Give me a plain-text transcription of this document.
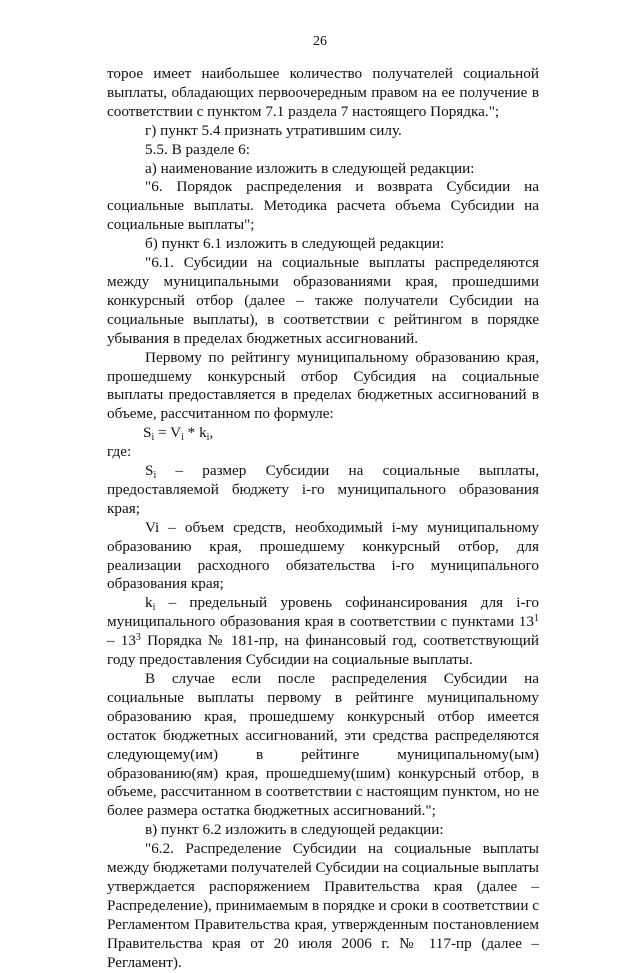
26

торое имеет наибольшее количество получателей социальной выплаты, обладающих первоочередным правом на ее получение в соответствии с пунктом 7.1 раздела 7 настоящего Порядка.";

г) пункт 5.4 признать утратившим силу.

5.5. В разделе 6:

а) наименование изложить в следующей редакции:

"6. Порядок распределения и возврата Субсидии на социальные выплаты. Методика расчета объема Субсидии на социальные выплаты";

б) пункт 6.1 изложить в следующей редакции:

"6.1. Субсидии на социальные выплаты распределяются между муниципальными образованиями края, прошедшими конкурсный отбор (далее – также получатели Субсидии на социальные выплаты), в соответствии с рейтингом в порядке убывания в пределах бюджетных ассигнований.

Первому по рейтингу муниципальному образованию края, прошедшему конкурсный отбор Субсидия на социальные выплаты предоставляется в пределах бюджетных ассигнований в объеме, рассчитанном по формуле:

$S_i = V_i * k_i$,

где:

$S_i$ – размер Субсидии на социальные выплаты, предоставляемой бюджету i-го муниципального образования края;

Vi – объем средств, необходимый i-му муниципальному образованию края, прошедшему конкурсный отбор, для реализации расходного обязательства i-го муниципального образования края;

$k_i$ – предельный уровень софинансирования для i-го муниципального образования края в соответствии с пунктами $13^1 - 13^3$ Порядка № 181-пр, на финансовый год, соответствующий году предоставления Субсидии на социальные выплаты.

В случае если после распределения Субсидии на социальные выплаты первому в рейтинге муниципальному образованию края, прошедшему конкурсный отбор имеется остаток бюджетных ассигнований, эти средства распределяются следующему(им) в рейтинге муниципальному(ым) образованию(ям) края, прошедшему(шим) конкурсный отбор, в объеме, рассчитанном в соответствии с настоящим пунктом, но не более размера остатка бюджетных ассигнований.";

в) пункт 6.2 изложить в следующей редакции:

"6.2. Распределение Субсидии на социальные выплаты между бюджетами получателей Субсидии на социальные выплаты утверждается распоряжением Правительства края (далее – Распределение), принимаемым в порядке и сроки в соответствии с Регламентом Правительства края, утвержденным постановлением Правительства края от 20 июля 2006 г. № 117-пр (далее – Регламент).
